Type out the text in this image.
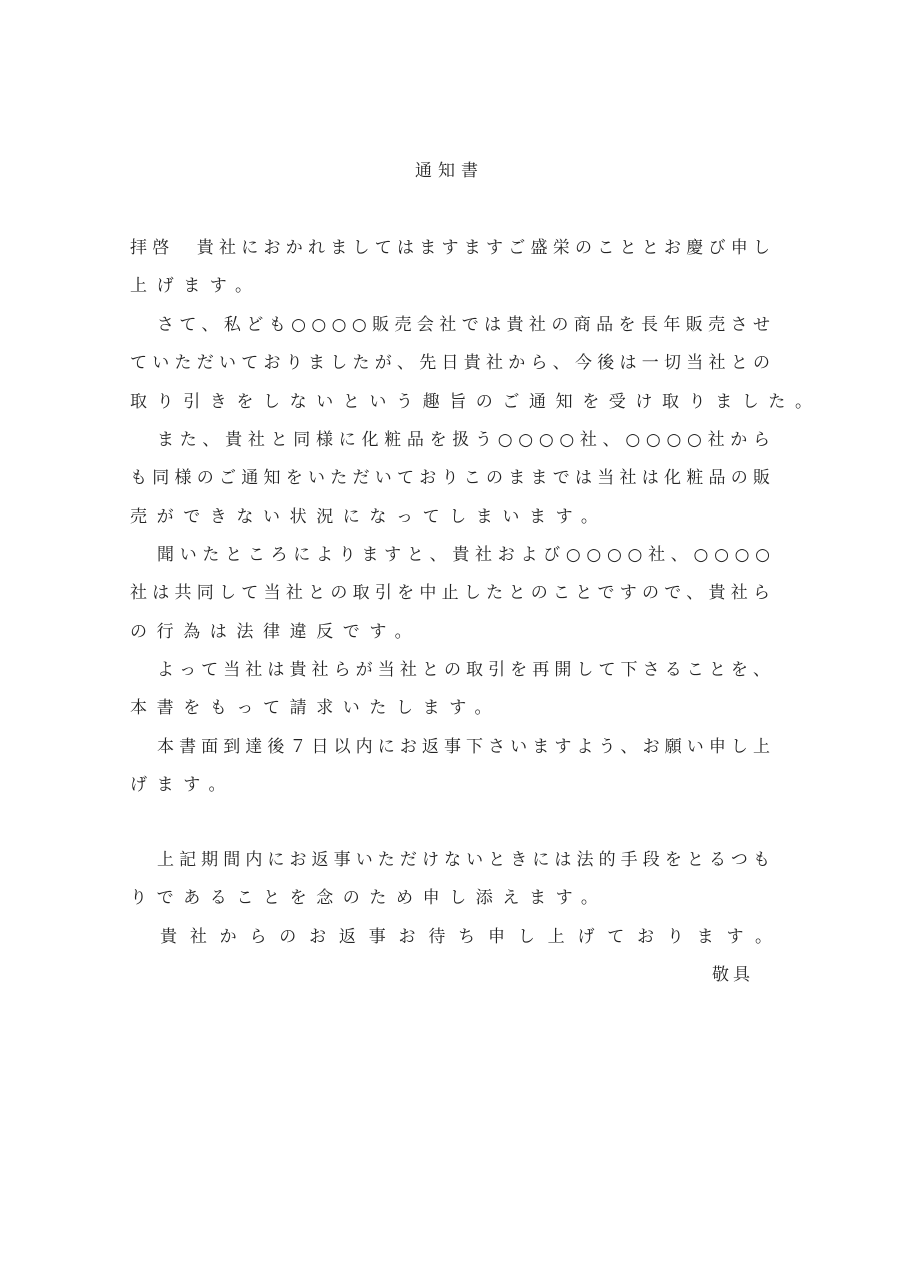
通知書
拝啓　貴社におかれましてはますますご盛栄のこととお慶び申し
上げます。
さて、私ども○○○○販売会社では貴社の商品を長年販売させ
ていただいておりましたが、先日貴社から、今後は一切当社との
取り引きをしないという趣旨のご通知を受け取りました。
また、貴社と同様に化粧品を扱う○○○○社、○○○○社から
も同様のご通知をいただいておりこのままでは当社は化粧品の販
売ができない状況になってしまいます。
聞いたところによりますと、貴社および○○○○社、○○○○
社は共同して当社との取引を中止したとのことですので、貴社ら
の行為は法律違反です。
よって当社は貴社らが当社との取引を再開して下さることを、
本書をもって請求いたします。
本書面到達後７日以内にお返事下さいますよう、お願い申し上
げます。
上記期間内にお返事いただけないときには法的手段をとるつも
りであることを念のため申し添えます。
貴社からのお返事お待ち申し上げております。
敬具
